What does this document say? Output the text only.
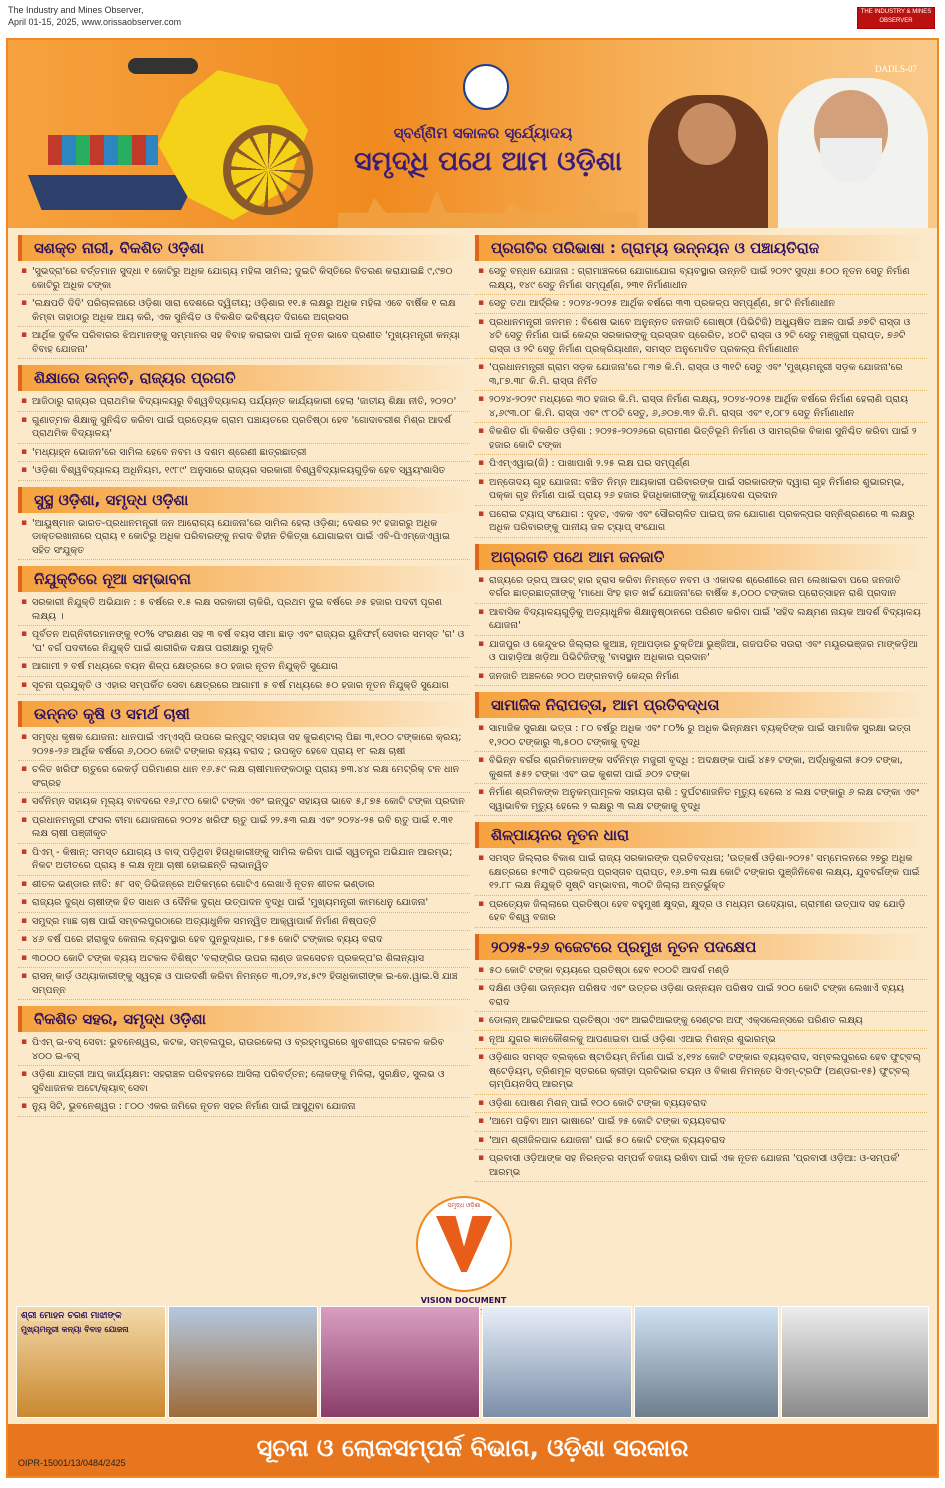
The Industry and Mines Observer,
April 01-15, 2025, www.orissaobserver.com
THE INDUSTRY & MINES OBSERVER
ସ୍ବର୍ଣ୍ଣିମ ସକାଳର ସୂର୍ଯ୍ୟୋଦୟ
ସମୃଦ୍ଧି ପଥେ ଆମ ଓଡ଼ିଶା
DADLS-07
ସଶକ୍ତ ନାରୀ, ବିକଶିତ ଓଡ଼ିଶା
▪ 'ସୁଭଦ୍ରା'ରେ ବର୍ତ୍ତମାନ ସୁଦ୍ଧା ୧ କୋଟିରୁ ଅଧିକ ଯୋଗ୍ୟ ମହିଳା ସାମିଲ; ଦୁଇଟି କିସ୍ତିରେ ବିତରଣ କରାଯାଇଛି ୯,୯୭୦ କୋଟିରୁ ଅଧିକ ଟଙ୍କା
▪ 'ଲକ୍ଷପତି ଦିଦି' ପରିଚାଳନାରେ ଓଡ଼ିଶା ସାରା ଦେଶରେ ଦ୍ୱିତୀୟ; ଓଡ଼ିଶାର ୧୧.୫ ଲକ୍ଷରୁ ଅଧିକ ମହିଳା ଏବେ ବାର୍ଷିକ ୧ ଲକ୍ଷ କିମ୍ବା ତାହାଠାରୁ ଅଧିକ ଆୟ କରି, ଏକ ସୁନିଶ୍ଚିତ ଓ ବିକଶିତ ଭବିଷ୍ୟତ ଦିଗରେ ଅଗ୍ରସର
▪ ଆର୍ଥିକ ଦୁର୍ବଳ ପରିବାରର ଝିଅମାନଙ୍କୁ ସମ୍ମାନର ସହ ବିବାହ କରାଇବା ପାଇଁ ନୂତନ ଭାବେ ପ୍ରଣୀତ 'ମୁଖ୍ୟମନ୍ତ୍ରୀ କନ୍ୟା ବିବାହ ଯୋଜନା'
ଶିକ୍ଷାରେ ଉନ୍ନତି, ରାଜ୍ୟର ପ୍ରଗତି
▪ ଆଜିଠାରୁ ରାଜ୍ୟର ପ୍ରାଥମିକ ବିଦ୍ୟାଳୟରୁ ବିଶ୍ୱବିଦ୍ୟାଳୟ ପର୍ଯ୍ୟନ୍ତ କାର୍ଯ୍ୟକାରୀ ହେଲା 'ଜାତୀୟ ଶିକ୍ଷା ନୀତି, ୨୦୨୦'
▪ ଗୁଣାତ୍ମକ ଶିକ୍ଷାକୁ ସୁନିଶ୍ଚିତ କରିବା ପାଇଁ ପ୍ରତ୍ୟେକ ଗ୍ରାମ ପଞ୍ଚାୟତରେ ପ୍ରତିଷ୍ଠା ହେବ 'ଗୋଦାବରୀଶ ମିଶ୍ର ଆଦର୍ଶ ପ୍ରାଥମିକ ବିଦ୍ୟାଳୟ'
▪ 'ମଧ୍ୟାହ୍ନ ଭୋଜନ'ରେ ସାମିଲ ହେବେ ନବମ ଓ ଦଶମ ଶ୍ରେଣୀ ଛାତ୍ରଛାତ୍ରୀ
▪ 'ଓଡ଼ିଶା ବିଶ୍ୱବିଦ୍ୟାଳୟ ଅଧିନିୟମ, ୧୯୮୯' ଅନୁସାରେ ରାଜ୍ୟର ସରକାରୀ ବିଶ୍ୱବିଦ୍ୟାଳୟଗୁଡ଼ିକ ହେବ ସ୍ୱୟଂଶାସିତ
ସୁସ୍ଥ ଓଡ଼ିଶା, ସମୃଦ୍ଧ ଓଡ଼ିଶା
▪ 'ଆୟୁଷ୍ମାନ ଭାରତ-ପ୍ରଧାନମନ୍ତ୍ରୀ ଜନ ଆରୋଗ୍ୟ ଯୋଜନା'ରେ ସାମିଲ ହେଲା ଓଡ଼ିଶା; ଦେଶର ୨୯ ହଜାରରୁ ଅଧିକ ଡାକ୍ତରଖାନାରେ ପ୍ରାୟ ୧ କୋଟିରୁ ଅଧିକ ପରିବାରଙ୍କୁ ନଗଦ ବିହୀନ ଚିକିତ୍ସା ଯୋଗାଇବା ପାଇଁ ଏବି-ପିଏମ୍‌ଜେଏୱାଇ ସହିତ ସଂଯୁକ୍ତ
ନିଯୁକ୍ତିରେ ନୂଆ ସମ୍ଭାବନା
▪ ସରକାରୀ ନିଯୁକ୍ତି ଅଭିଯାନ : ୫ ବର୍ଷରେ ୧.୫ ଲକ୍ଷ ସରକାରୀ ଚାକିରି, ପ୍ରଥମ ଦୁଇ ବର୍ଷରେ ୬୫ ହଜାର ପଦବୀ ପୂରଣ ଲକ୍ଷ୍ୟ ।
▪ ପୂର୍ବତନ ଅଗ୍ନିବୀରମାନଙ୍କୁ ୧୦% ସଂରକ୍ଷଣ ସହ ୩ ବର୍ଷ ବୟସ ସୀମା ଛାଡ଼ ଏବଂ ରାଜ୍ୟର ୟୁନିଫର୍ମ୍ ସେବାର ସମସ୍ତ 'ଗ' ଓ 'ଘ' ବର୍ଗ ପଦବୀରେ ନିଯୁକ୍ତି ପାଇଁ ଶାରୀରିକ ଦକ୍ଷତା ପରୀକ୍ଷାରୁ ମୁକ୍ତି
▪ ଆଗାମୀ ୨ ବର୍ଷ ମଧ୍ୟରେ ବୟନ ଶିଳ୍ପ କ୍ଷେତ୍ରରେ ୫୦ ହଜାର ନୂତନ ନିଯୁକ୍ତି ସୁଯୋଗ
▪ ସୂଚନା ପ୍ରଯୁକ୍ତି ଓ ଏହାର ସମ୍ପର୍କିତ ସେବା କ୍ଷେତ୍ରରେ ଆଗାମୀ ୫ ବର୍ଷ ମଧ୍ୟରେ ୫୦ ହଜାର ନୂତନ ନିଯୁକ୍ତି ସୁଯୋଗ
ଉନ୍ନତ କୃଷି ଓ ସମର୍ଥ ଚାଷୀ
▪ ସମୃଦ୍ଧ କୃଷକ ଯୋଜନା: ଧାନପାଇଁ ଏମ୍‌ଏସ୍‌ପି ଉପରେ ଇନ୍‌ପୁଟ୍ ସହାୟତା ସହ କୁଇଣ୍ଟାଲ୍ ପିଛା ୩,୧୦୦ ଟଙ୍କାରେ କ୍ରୟ; ୨୦୨୫-୨୬ ଆର୍ଥିକ ବର୍ଷରେ ୬,୦୦୦ କୋଟି ଟଙ୍କାର ବ୍ୟୟ ବରାଦ ; ଉପକୃତ ହେବେ ପ୍ରାୟ ୧୮ ଲକ୍ଷ ଚାଷୀ
▪ ଚଳିତ ଖରିଫ ଋତୁରେ ରେକର୍ଡ଼ ପରିମାଣର ଧାନ ୧୬.୫୯ ଲକ୍ଷ ଚାଷୀମାନଙ୍କଠାରୁ ପ୍ରାୟ ୭୩.୪୪ ଲକ୍ଷ ମେଟ୍ରିକ୍ ଟନ ଧାନ ସଂଗ୍ରହ
▪ ସର୍ବନିମ୍ନ ସହାୟକ ମୂଲ୍ୟ ବାବଦରେ ୧୬,୮୯୦ କୋଟି ଟଙ୍କା ଏବଂ ଇନ୍‌ପୁଟ ସହାୟତା ଭାବେ ୫,୮୭୫ କୋଟି ଟଙ୍କା ପ୍ରଦାନ
▪ ପ୍ରଧାନମନ୍ତ୍ରୀ ଫସଲ ବୀମା ଯୋଜନାରେ ୨୦୨୪ ଖରିଫ ଋତୁ ପାଇଁ ୨୨.୫୩ ଲକ୍ଷ ଏବଂ ୨୦୨୪-୨୫ ରବି ଋତୁ ପାଇଁ ୧.୩୧ ଲକ୍ଷ ଚାଷୀ ପଞ୍ଜୀକୃତ
▪ ପିଏମ୍ - କିଷାନ୍: ସମସ୍ତ ଯୋଗ୍ୟ ଓ ବାଦ୍ ପଡ଼ିଥିବା ହିତାଧିକାରୀଙ୍କୁ ସାମିଲ କରିବା ପାଇଁ ସ୍ୱତନ୍ତ୍ର ଅଭିଯାନ ଆରମ୍ଭ; ନିକଟ ଅତୀତରେ ପ୍ରାୟ ୫ ଲକ୍ଷ ନୂଆ ଚାଷୀ ହୋଇଛନ୍ତି ଲାଭାନ୍ୱିତ
▪ ଶୀତଳ ଭଣ୍ଡାର ନୀତି: ୫୮ ସବ୍ ଡିଭିଜନ୍‌ରେ ଅତିକମ୍‌ରେ ଗୋଟିଏ ଲେଖାଏଁ ନୂତନ ଶୀତଳ ଭଣ୍ଡାର
▪ ରାଜ୍ୟର ଦୁଗ୍ଧ ଚାଷୀଙ୍କ ହିତ ସାଧନ ଓ ଦୈନିକ ଦୁଗ୍ଧ ଉତ୍ପାଦନ ବୃଦ୍ଧି ପାଇଁ 'ମୁଖ୍ୟମନ୍ତ୍ରୀ କାମଧେନୁ ଯୋଜନା'
▪ ସମୁଦ୍ର ମାଛ ଚାଷ ପାଇଁ ସମ୍ବଲପୁରଠାରେ ଅତ୍ୟାଧୁନିକ ସମନ୍ୱିତ ଆକ୍ୱାପାର୍କ ନିର୍ମାଣ ନିଷ୍ପତ୍ତି
▪ ୪୬ ବର୍ଷ ପରେ ହୀରାକୁଦ କେନାଲ ବ୍ୟବସ୍ଥାର ହେବ ପୁନରୁଦ୍ଧାର, ୮୫୫ କୋଟି ଟଙ୍କାର ବ୍ୟୟ ବରାଦ
▪ ୩୦୦୦ କୋଟି ଟଙ୍କା ବ୍ୟୟ ଅଟକଳ ବିଶିଷ୍ଟ 'ବଲାଙ୍ଗିର ଉପର ଲାଣ୍ଡ ଜଳସେଚନ ପ୍ରକଳ୍ପ'ର ଶିଳାନ୍ୟାସ
▪ ରାସନ୍ କାର୍ଡ଼ ଓଥ୍ୟାକାରୀଙ୍କୁ ସ୍ୱଚ୍ଛ ଓ ପାରଦର୍ଶୀ କରିବା ନିମନ୍ତେ ୩,୦୨,୨୪,୫୯୨ ହିତାଧିକାରୀଙ୍କ ଇ-କେ.ୱାଇ.ସି ଯାଞ୍ଚ ସମ୍ପନ୍ନ
ବିକଶିତ ସହର, ସମୃଦ୍ଧ ଓଡ଼ିଶା
▪ ପିଏମ୍ ଇ-ବସ୍ ସେବା: ଭୁବନେଶ୍ୱର, କଟକ, ସମ୍ବଲପୁର, ରାଉରକେଲା ଓ ବ୍ରହ୍ମପୁରରେ ଖୁବଶୀଘ୍ର ଚଳାଚଳ କରିବ ୪୦୦ ଇ-ବସ୍
▪ ଓଡ଼ିଶା ଯାତ୍ରୀ ଆପ୍ କାର୍ଯ୍ୟକ୍ଷମ: ସହରାଞ୍ଚଳ ପରିବହନରେ ଆସିଲା ପରିବର୍ତ୍ତନ; ଲୋକଙ୍କୁ ମିଳିଲା, ସୁରକ୍ଷିତ, ସୁଲଭ ଓ ସୁବିଧାଜନକ ଅଟୋ/କ୍ୟାବ୍ ସେବା
▪ ନ୍ୟୁ ସିଟି, ଭୁବନେଶ୍ୱର : ୮୦୦ ଏକର ଜମିରେ ନୂତନ ସହର ନିର୍ମାଣ ପାଇଁ ଆସୁଥିବା ଯୋଜନା
ପ୍ରଗତିର ପରିଭାଷା : ଗ୍ରାମ୍ୟ ଉନ୍ନୟନ ଓ ପଞ୍ଚାୟତିରାଜ
▪ ସେତୁ ବନ୍ଧନ ଯୋଜନା : ଗ୍ରାମାଞ୍ଚଳରେ ଯୋଗାଯୋଗ ବ୍ୟବସ୍ଥାର ଉନ୍ନତି ପାଇଁ ୨୦୨୯ ସୁଦ୍ଧା ୫୦୦ ନୂତନ ସେତୁ ନିର୍ମାଣ ଲକ୍ଷ୍ୟ, ୧୪୯ ସେତୁ ନିର୍ମାଣ ସମ୍ପୂର୍ଣ୍ଣ, ୨୩୧ ନିର୍ମାଣାଧୀନ
▪ ସେତୁ ତଥା ଆର୍ଦ୍ରିକ : ୨୦୨୪-୨୦୨୫ ଆର୍ଥିକ ବର୍ଷରେ ୩୩ ପ୍ରକଳ୍ପ ସମ୍ପୂର୍ଣ୍ଣ, ୭୮ଟି ନିର୍ମାଣାଧୀନ
▪ ପ୍ରଧାନମନ୍ତ୍ରୀ ଜନମନ : ବିଶେଷ ଭାବେ ଅନୁନ୍ନତ ଜନଜାତି ଗୋଷ୍ଠୀ (ପିଭିଟିଜି) ଅଧ୍ୟୁଷିତ ଅଞ୍ଚଳ ପାଇଁ ୬୭ଟି ରାସ୍ତା ଓ ୪ଟି ସେତୁ ନିର୍ମାଣ ପାଇଁ କେନ୍ଦ୍ର ସରକାରଙ୍କୁ ପ୍ରସ୍ତାବ ପ୍ରେରିତ, ୪୦ଟି ରାସ୍ତା ଓ ୨ଟି ସେତୁ ମଞ୍ଜୁରୀ ପ୍ରାପ୍ତ, ୭୬ଟି ରାସ୍ତା ଓ ୨ଟି ସେତୁ ନିର୍ମାଣ ପ୍ରକ୍ରିୟାଧୀନ, ସମସ୍ତ ଅନୁମୋଦିତ ପ୍ରକଳ୍ପ ନିର୍ମାଣାଧୀନ
▪ 'ପ୍ରଧାନମନ୍ତ୍ରୀ ଗ୍ରାମ ସଡ଼କ ଯୋଜନା'ରେ ୮୩୭ କି.ମି. ରାସ୍ତା ଓ ୩୧ଟି ସେତୁ ଏବଂ 'ମୁଖ୍ୟମନ୍ତ୍ରୀ ସଡ଼କ ଯୋଜନା'ରେ ୩,୮୭.୩୮ କି.ମି. ରାସ୍ତା ନିର୍ମିତ
▪ ୨୦୨୪-୨୦୨୯ ମଧ୍ୟରେ ୩୦ ହଜାର କି.ମି. ରାସ୍ତା ନିର୍ମାଣ ଲକ୍ଷ୍ୟ, ୨୦୨୪-୨୦୨୫ ଆର୍ଥିକ ବର୍ଷରେ ନିର୍ମାଣ ହେଲାଣି ପ୍ରାୟ ୪,୬୯୩.୦୮ କି.ମି. ରାସ୍ତା ଏବଂ ୯୮୦ଟି ସେତୁ, ୬,୬୦୭.୩୨ କି.ମି. ରାସ୍ତା ଏବଂ ୧,୦୮୨ ସେତୁ ନିର୍ମାଣାଧୀନ
▪ ବିକଶିତ ଗାଁ ବିକଶିତ ଓଡ଼ିଶା : ୨୦୨୫-୨୦୨୬ରେ ଗ୍ରାମୀଣ ଭିତ୍ତିଭୂମି ନିର୍ମାଣ ଓ ସାମଗ୍ରିକ ବିକାଶ ସୁନିଶ୍ଚିତ କରିବା ପାଇଁ ୨ ହଜାର କୋଟି ଟଙ୍କା
▪ ପିଏମ୍‌ଏୱାଇ(ଜି) : ପାଖାପାଖି ୨.୨୫ ଲକ୍ଷ ଘର ସମ୍ପୂର୍ଣ୍ଣ
▪ ଅନ୍ତୋଦୟ ଗୃହ ଯୋଜନା: ବଞ୍ଚିତ ନିମ୍ନ ଆୟକାରୀ ପରିବାରଙ୍କ ପାଇଁ ସରକାରଙ୍କ ଦ୍ୱାରା ଗୃହ ନିର୍ମାଣର ଶୁଭାରମ୍ଭ, ପକ୍କା ଗୃହ ନିର୍ମାଣ ପାଇଁ ପ୍ରାୟ ୨୬ ହଜାର ହିତାଧିକାରୀଙ୍କୁ କାର୍ଯ୍ୟାଦେଶ ପ୍ରଦାନ
▪ ଘରୋଇ ଟ୍ୟାପ୍ ସଂଯୋଗ : ଦୃହତ, ଏକକ ଏବଂ ସୌରଚାଳିତ ପାଇପ୍ ଜଳ ଯୋଗାଣ ପ୍ରକଳ୍ପର ସନ୍ନିଶ୍ରଣରେ ୩ ଲକ୍ଷରୁ ଅଧିକ ପରିବାରଙ୍କୁ ପାନୀୟ ଜଳ ଟ୍ୟାପ୍ ସଂଯୋଗ
ଅଗ୍ରଗତି ପଥେ ଆମ ଜନଜାତି
▪ ରାଜ୍ୟରେ ଡ୍ରପ୍ ଆଉଟ୍ ହାର ହ୍ରାସ କରିବା ନିମନ୍ତେ ନବମ ଓ ଏକାଦଶ ଶ୍ରେଣୀରେ ନାମ ଲେଖାଇବା ପରେ ଜନଜାତି ବର୍ଗର ଛାତ୍ରଛାତ୍ରୀଙ୍କୁ 'ମାଧୋ ସିଂହ ହାତ ଖର୍ଚ୍ଚ ଯୋଜନା'ରେ ବାର୍ଷିକ ୫,୦୦୦ ଟଙ୍କାର ପ୍ରୋତ୍ସାହନ ରାଶି ପ୍ରଦାନ
▪ ଆବାସିକ ବିଦ୍ୟାଳୟଗୁଡ଼ିକୁ ଅତ୍ୟାଧୁନିକ ଶିକ୍ଷାନୁଷ୍ଠାନରେ ପରିଣତ କରିବା ପାଇଁ 'ସହିଦ ଲକ୍ଷ୍ମଣ ନାୟକ ଆଦର୍ଶ ବିଦ୍ୟାଳୟ ଯୋଜନା'
▪ ଯାଜପୁର ଓ କେନ୍ଦୁଝର ଜିଲ୍ଲାର କୁଆଞ୍ଚ, ନୂଆପଡ଼ାର ଚୁକ୍ତିଆ ଭୁଞ୍ଜିଆ, ଗଜପତିର ସଉରା ଏବଂ ମୟୂରଭଞ୍ଜର ମାଙ୍କଡ଼ିଆ ଓ ପାହାଡ଼ିଆ ଖଡ଼ିଆ ପିଭିଟିଜିଙ୍କୁ 'ବାସସ୍ଥାନ ଅଧିକାର ପ୍ରଦାନ'
▪ ଜନଜାତି ଅଞ୍ଚଳରେ ୨୦୦ ଅଙ୍ଗନବାଡ଼ି କେନ୍ଦ୍ର ନିର୍ମାଣ
ସାମାଜିକ ନିରାପତ୍ତା, ଆମ ପ୍ରତିବଦ୍ଧତା
▪ ସାମାଜିକ ସୁରକ୍ଷା ଭତ୍ତା : ୮୦ ବର୍ଷରୁ ଅଧିକ ଏବଂ ୮୦% ରୁ ଅଧିକ ଭିନ୍ନକ୍ଷମ ବ୍ୟକ୍ତିଙ୍କ ପାଇଁ ସାମାଜିକ ସୁରକ୍ଷା ଭତ୍ତା ୧,୨୦୦ ଟଙ୍କାରୁ ୩,୫୦୦ ଟଙ୍କାକୁ ବୃଦ୍ଧି
▪ ବିଭିନ୍ନ ବର୍ଗର ଶ୍ରମିକମାନଙ୍କ ସର୍ବନିମ୍ନ ମଜୁରୀ ବୃଦ୍ଧି : ଅଦକ୍ଷଙ୍କ ପାଇଁ ୪୫୨ ଟଙ୍କା, ଅର୍ଦ୍ଧକୁଶଳୀ ୫୦୨ ଟଙ୍କା, କୁଶଳୀ ୫୫୨ ଟଙ୍କା ଏବଂ ଉଚ୍ଚ କୁଶଳୀ ପାଇଁ ୬୦୨ ଟଙ୍କା
▪ ନିର୍ମାଣ ଶ୍ରମିକଙ୍କ ଅନୁକମ୍ପାମୂଳକ ସହାୟତା ରାଶି : ଦୁର୍ଘଟଣାଜନିତ ମୃତ୍ୟୁ ହେଲେ ୪ ଲକ୍ଷ ଟଙ୍କାରୁ ୬ ଲକ୍ଷ ଟଙ୍କା ଏବଂ ସ୍ୱାଭାବିକ ମୃତ୍ୟୁ ହେଲେ ୨ ଲକ୍ଷରୁ ୩ ଲକ୍ଷ ଟଙ୍କାକୁ ବୃଦ୍ଧି
ଶିଳ୍ପାୟନର ନୂତନ ଧାରା
▪ ସମସ୍ତ ଜିଲ୍ଲାର ବିକାଶ ପାଇଁ ରାଜ୍ୟ ସରକାରଙ୍କ ପ୍ରତିବଦ୍ଧତା; 'ଉତ୍କର୍ଷ ଓଡ଼ିଶା-୨୦୨୫' ସମ୍ମେଳନରେ ୨୭ରୁ ଅଧିକ କ୍ଷେତ୍ରରେ ୫୯୩ଟି ପ୍ରକଳ୍ପ ପ୍ରସ୍ତାବ ପ୍ରାପ୍ତ, ୧୬.୭୩ ଲକ୍ଷ କୋଟି ଟଙ୍କାର ପୁଞ୍ଜିନିବେଶ ଲକ୍ଷ୍ୟ, ଯୁବବର୍ଗଙ୍କ ପାଇଁ ୧୨.୮୮ ଲକ୍ଷ ନିଯୁକ୍ତି ସୃଷ୍ଟି ସମ୍ଭାବନା, ୩୦ଟି ଜିଲ୍ଲା ଅନ୍ତର୍ଭୁକ୍ତ
▪ ପ୍ରତ୍ୟେକ ଜିଲ୍ଲାରେ ପ୍ରତିଷ୍ଠା ହେବ ବହୁମୁଖୀ କ୍ଷୁଦ୍ର, କ୍ଷୁଦ୍ର ଓ ମଧ୍ୟମ ଉଦ୍ୟୋଗ, ଗ୍ରାମୀଣ ଉତ୍ପାଦ ସହ ଯୋଡ଼ି ହେବ ବିଶ୍ୱ ବଜାର
୨୦୨୫-୨୬ ବଜେଟରେ ପ୍ରମୁଖ ନୂତନ ପଦକ୍ଷେପ
▪ ୫୦ କୋଟି ଟଙ୍କା ବ୍ୟୟରେ ପ୍ରତିଷ୍ଠା ହେବ ୧୦୦ଟି ଆଦର୍ଶ ମଣ୍ଡି
▪ ଦକ୍ଷିଣ ଓଡ଼ିଶା ଉନ୍ନୟନ ପରିଷଦ ଏବଂ ଉତ୍ତର ଓଡ଼ିଶା ଉନ୍ନୟନ ପରିଷଦ ପାଇଁ ୨୦୦ କୋଟି ଟଙ୍କା ଲେଖାଏଁ ବ୍ୟୟ ବରାଦ
▪ ଡୋଲାନ୍ ଆଇଟିଆଇର ପ୍ରତିଷ୍ଠା ଏବଂ ଆଇଟିଆଇଙ୍କୁ ସେଣ୍ଟର ଅଫ୍ ଏକ୍ସଲେନ୍ସରେ ପରିଣତ ଲକ୍ଷ୍ୟ
▪ ନୂଆ ଯୁଗର ଜ୍ଞାନକୌଶଳକୁ ଆପଣାଇବା ପାଇଁ ଓଡ଼ିଶା ଏଆଇ ମିଶନ୍‌ର ଶୁଭାରମ୍ଭ
▪ ଓଡ଼ିଶାର ସମସ୍ତ ବ୍ଲକ୍‌ରେ ଷ୍ଟାଡିୟମ୍ ନିର୍ମାଣ ପାଇଁ ୪,୧୨୪ କୋଟି ଟଙ୍କାର ବ୍ୟୟବରାଦ, ସମ୍ବଲପୁରରେ ହେବ ଫୁଟ୍‌ବଲ୍ ଷ୍ଟେଡ଼ିୟମ୍, ତ୍ରିଣମୂଳ ସ୍ତରରେ କ୍ରୀଡ଼ା ପ୍ରତିଭାର ଚୟନ ଓ ବିକାଶ ନିମନ୍ତେ ସିଏମ୍-ଟ୍ରଫି (ଅଣ୍ଡର-୧୫) ଫୁଟ୍‌ବଲ୍ ଚାମ୍ପିୟନସିପ୍ ଆରମ୍ଭ
▪ ଓଡ଼ିଶା ପୋଷଣ ମିଶନ୍ ପାଇଁ ୧୦୦ କୋଟି ଟଙ୍କା ବ୍ୟୟବରାଦ
▪ 'ଆମେ ପଢ଼ିବା ଆମ ଭାଷାରେ' ପାଇଁ ୨୫ କୋଟି ଟଙ୍କା ବ୍ୟୟବରାଦ
▪ 'ଆମ ଶ୍ରୀଜିଳପାଳ ଯୋଜନା' ପାଇଁ ୫୦ କୋଟି ଟଙ୍କା ବ୍ୟୟବରାଦ
▪ ପ୍ରବାସୀ ଓଡ଼ିଆଙ୍କ ସହ ନିରନ୍ତର ସମ୍ପର୍କ ବଜାୟ ରଖିବା ପାଇଁ ଏକ ନୂତନ ଯୋଜନା 'ପ୍ରବାସୀ ଓଡ଼ିଆ: ଓ-ସମ୍ପର୍କ' ଆରମ୍ଭ
VISION DOCUMENT
ସମୃଦ୍ଧ ଓଡ଼ିଶା
ଶ୍ରୀ ମୋହନ ଚରଣ ମାଝୀଙ୍କ
ମୁଖ୍ୟମନ୍ତ୍ରୀ କନ୍ୟା ବିବାହ ଯୋଜନା
ସୂଚନା ଓ ଲୋକସମ୍ପର୍କ ବିଭାଗ, ଓଡ଼ିଶା ସରକାର
OIPR-15001/13/0484/2425
